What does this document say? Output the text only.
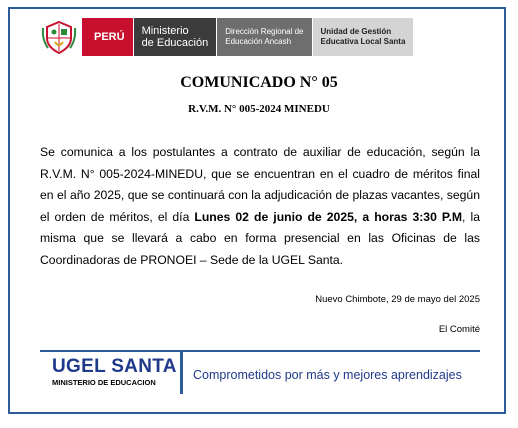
PERÚ	Ministerio
de Educación
Dirección Regional de
Educación Ancash
Unidad de Gestión
Educativa Local Santa
COMUNICADO N° 05
R.V.M. N° 005-2024 MINEDU
Se comunica a los postulantes a contrato de auxiliar de educación, según la R.V.M. N° 005-2024-MINEDU, que se encuentran en el cuadro de méritos final en el año 2025, que se continuará con la adjudicación de plazas vacantes, según el orden de méritos, el día Lunes 02 de junio de 2025, a horas 3:30 P.M, la misma que se llevará a cabo en forma presencial en las Oficinas de las Coordinadoras de PRONOEI – Sede de la UGEL Santa.
Nuevo Chimbote, 29 de mayo del 2025
El Comité
UGEL SANTA
MINISTERIO DE EDUCACION
Comprometidos por más y mejores aprendizajes
